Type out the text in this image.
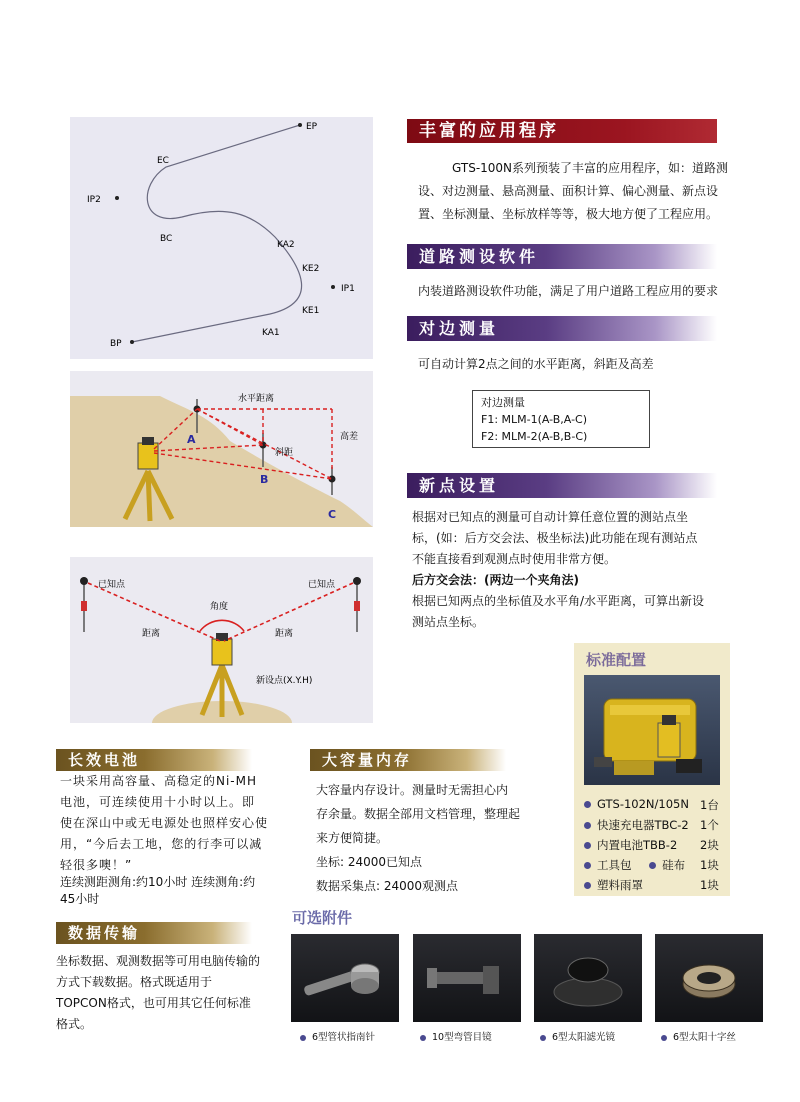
EP
EC
IP2
BC
KA2
KE2
IP1
KE1
KA1
BP
水平距离
斜距
高差
A
B
C
已知点	已知点
角度
距离	距离
新设点(X.Y.H)
丰富的应用程序
GTS-100N系列预装了丰富的应用程序，如：道路测
设、对边测量、悬高测量、面积计算、偏心测量、新点设
置、坐标测量、坐标放样等等，极大地方便了工程应用。
道路测设软件
内装道路测设软件功能，满足了用户道路工程应用的要求
对边测量
可自动计算2点之间的水平距离，斜距及高差
对边测量
F1: MLM-1(A-B,A-C)
F2: MLM-2(A-B,B-C)
新点设置
根据对已知点的测量可自动计算任意位置的测站点坐
标，(如：后方交会法、极坐标法)此功能在现有测站点
不能直接看到观测点时使用非常方便。
后方交会法：(两边一个夹角法)
根据已知两点的坐标值及水平角/水平距离，可算出新设
测站点坐标。
标准配置
GTS-102N/105N 1台
快速充电器TBC-2 1个
内置电池TBB-2 2块
工具包	硅布 1块
塑料雨罩	1块
长效电池
一块采用高容量、高稳定的Ni-MH
电池，可连续使用十小时以上。即
使在深山中或无电源处也照样安心使
用，“今后去工地，您的行李可以减
轻很多噢！”
连续测距测角:约10小时 连续测角:约
45小时
大容量内存
大容量内存设计。测量时无需担心内
存余量。数据全部用文档管理，整理起
来方便简捷。
坐标: 24000已知点
数据采集点: 24000观测点
数据传输
坐标数据、观测数据等可用电脑传输的
方式下载数据。格式既适用于
TOPCON格式，也可用其它任何标准
格式。
可选附件
6型管状指南针	10型弯管目镜	6型太阳滤光镜	6型太阳十字丝
